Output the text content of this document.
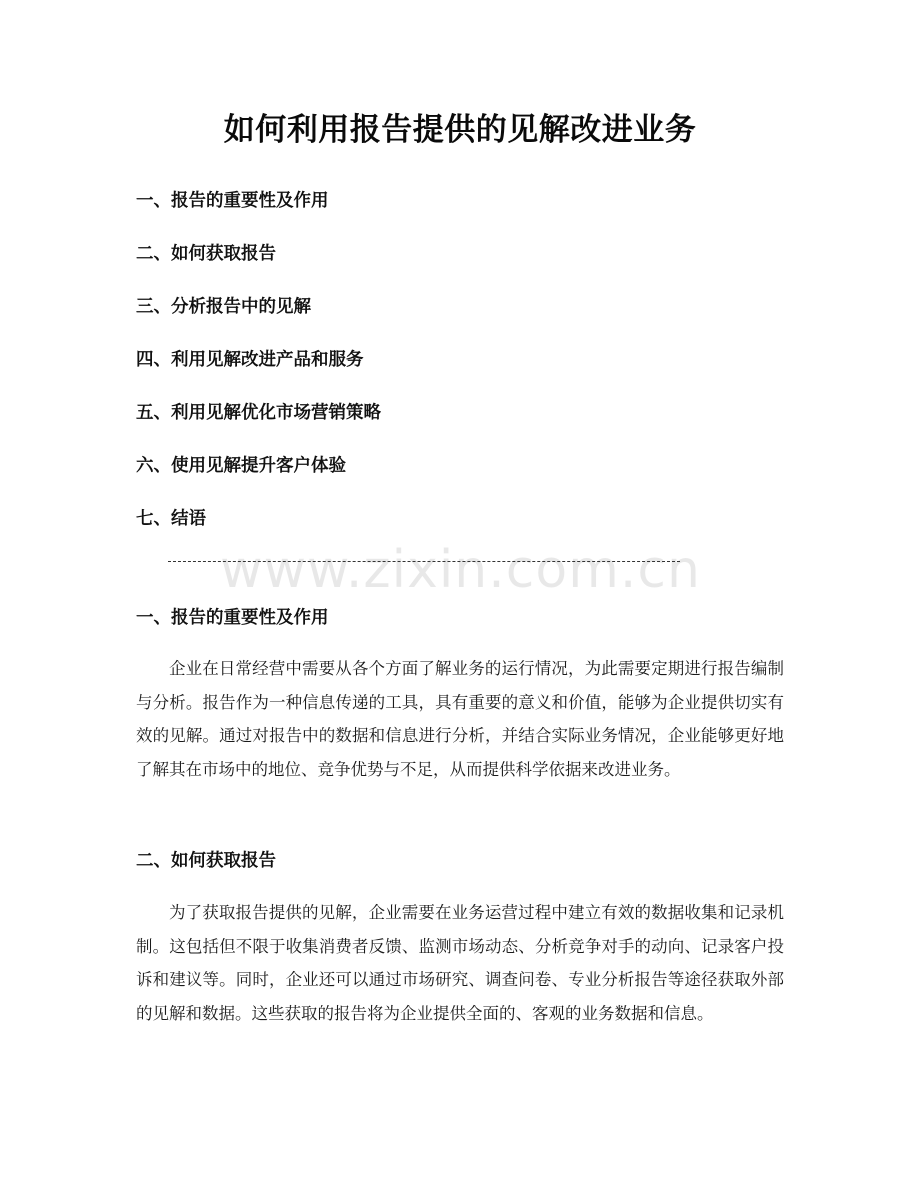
如何利用报告提供的见解改进业务
一、报告的重要性及作用
二、如何获取报告
三、分析报告中的见解
四、利用见解改进产品和服务
五、利用见解优化市场营销策略
六、使用见解提升客户体验
七、结语
www.zixin.com.cn
一、报告的重要性及作用
企业在日常经营中需要从各个方面了解业务的运行情况，为此需要定期进行报告编制与分析。报告作为一种信息传递的工具，具有重要的意义和价值，能够为企业提供切实有效的见解。通过对报告中的数据和信息进行分析，并结合实际业务情况，企业能够更好地了解其在市场中的地位、竞争优势与不足，从而提供科学依据来改进业务。
二、如何获取报告
为了获取报告提供的见解，企业需要在业务运营过程中建立有效的数据收集和记录机制。这包括但不限于收集消费者反馈、监测市场动态、分析竞争对手的动向、记录客户投诉和建议等。同时，企业还可以通过市场研究、调查问卷、专业分析报告等途径获取外部的见解和数据。这些获取的报告将为企业提供全面的、客观的业务数据和信息。
